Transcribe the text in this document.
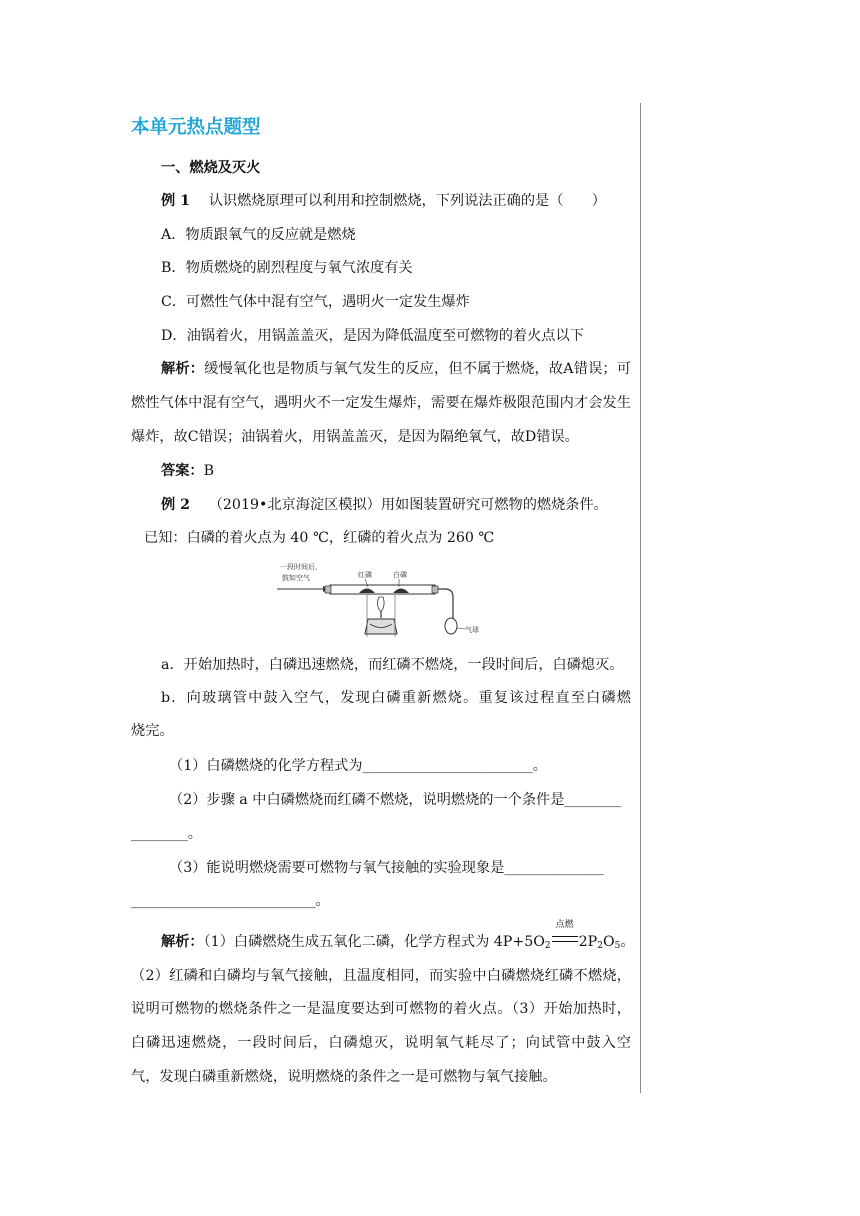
本单元热点题型
一、燃烧及灭火
例 1　 认识燃烧原理可以利用和控制燃烧，下列说法正确的是（　　）
A．物质跟氧气的反应就是燃烧
B．物质燃烧的剧烈程度与氧气浓度有关
C．可燃性气体中混有空气，遇明火一定发生爆炸
D．油锅着火，用锅盖盖灭，是因为降低温度至可燃物的着火点以下
解析：缓慢氧化也是物质与氧气发生的反应，但不属于燃烧，故A错误；可
燃性气体中混有空气，遇明火不一定发生爆炸，需要在爆炸极限范围内才会发生
爆炸，故C错误；油锅着火，用锅盖盖灭，是因为隔绝氧气，故D错误。
答案：B
例 2　 （2019•北京海淀区模拟）用如图装置研究可燃物的燃烧条件。
已知：白磷的着火点为 40 ℃，红磷的着火点为 260 ℃
a．开始加热时，白磷迅速燃烧，而红磷不燃烧，一段时间后，白磷熄灭。
b．向玻璃管中鼓入空气，发现白磷重新燃烧。重复该过程直至白磷燃
烧完。
（1）白磷燃烧的化学方程式为________________________。
（2）步骤 a 中白磷燃烧而红磷不燃烧，说明燃烧的一个条件是________
________。
（3）能说明燃烧需要可燃物与氧气接触的实验现象是______________
__________________________。
解析：（1）白磷燃烧生成五氧化二磷，化学方程式为 $4P+5O_2$
点燃
$2P_2O_5$。
（2）红磷和白磷均与氧气接触，且温度相同，而实验中白磷燃烧红磷不燃烧，
说明可燃物的燃烧条件之一是温度要达到可燃物的着火点。（3）开始加热时，
白磷迅速燃烧，一段时间后，白磷熄灭，说明氧气耗尽了；向试管中鼓入空
气，发现白磷重新燃烧，说明燃烧的条件之一是可燃物与氧气接触。
一段时间后，
鼓如空气	红磷	白磷
气球
